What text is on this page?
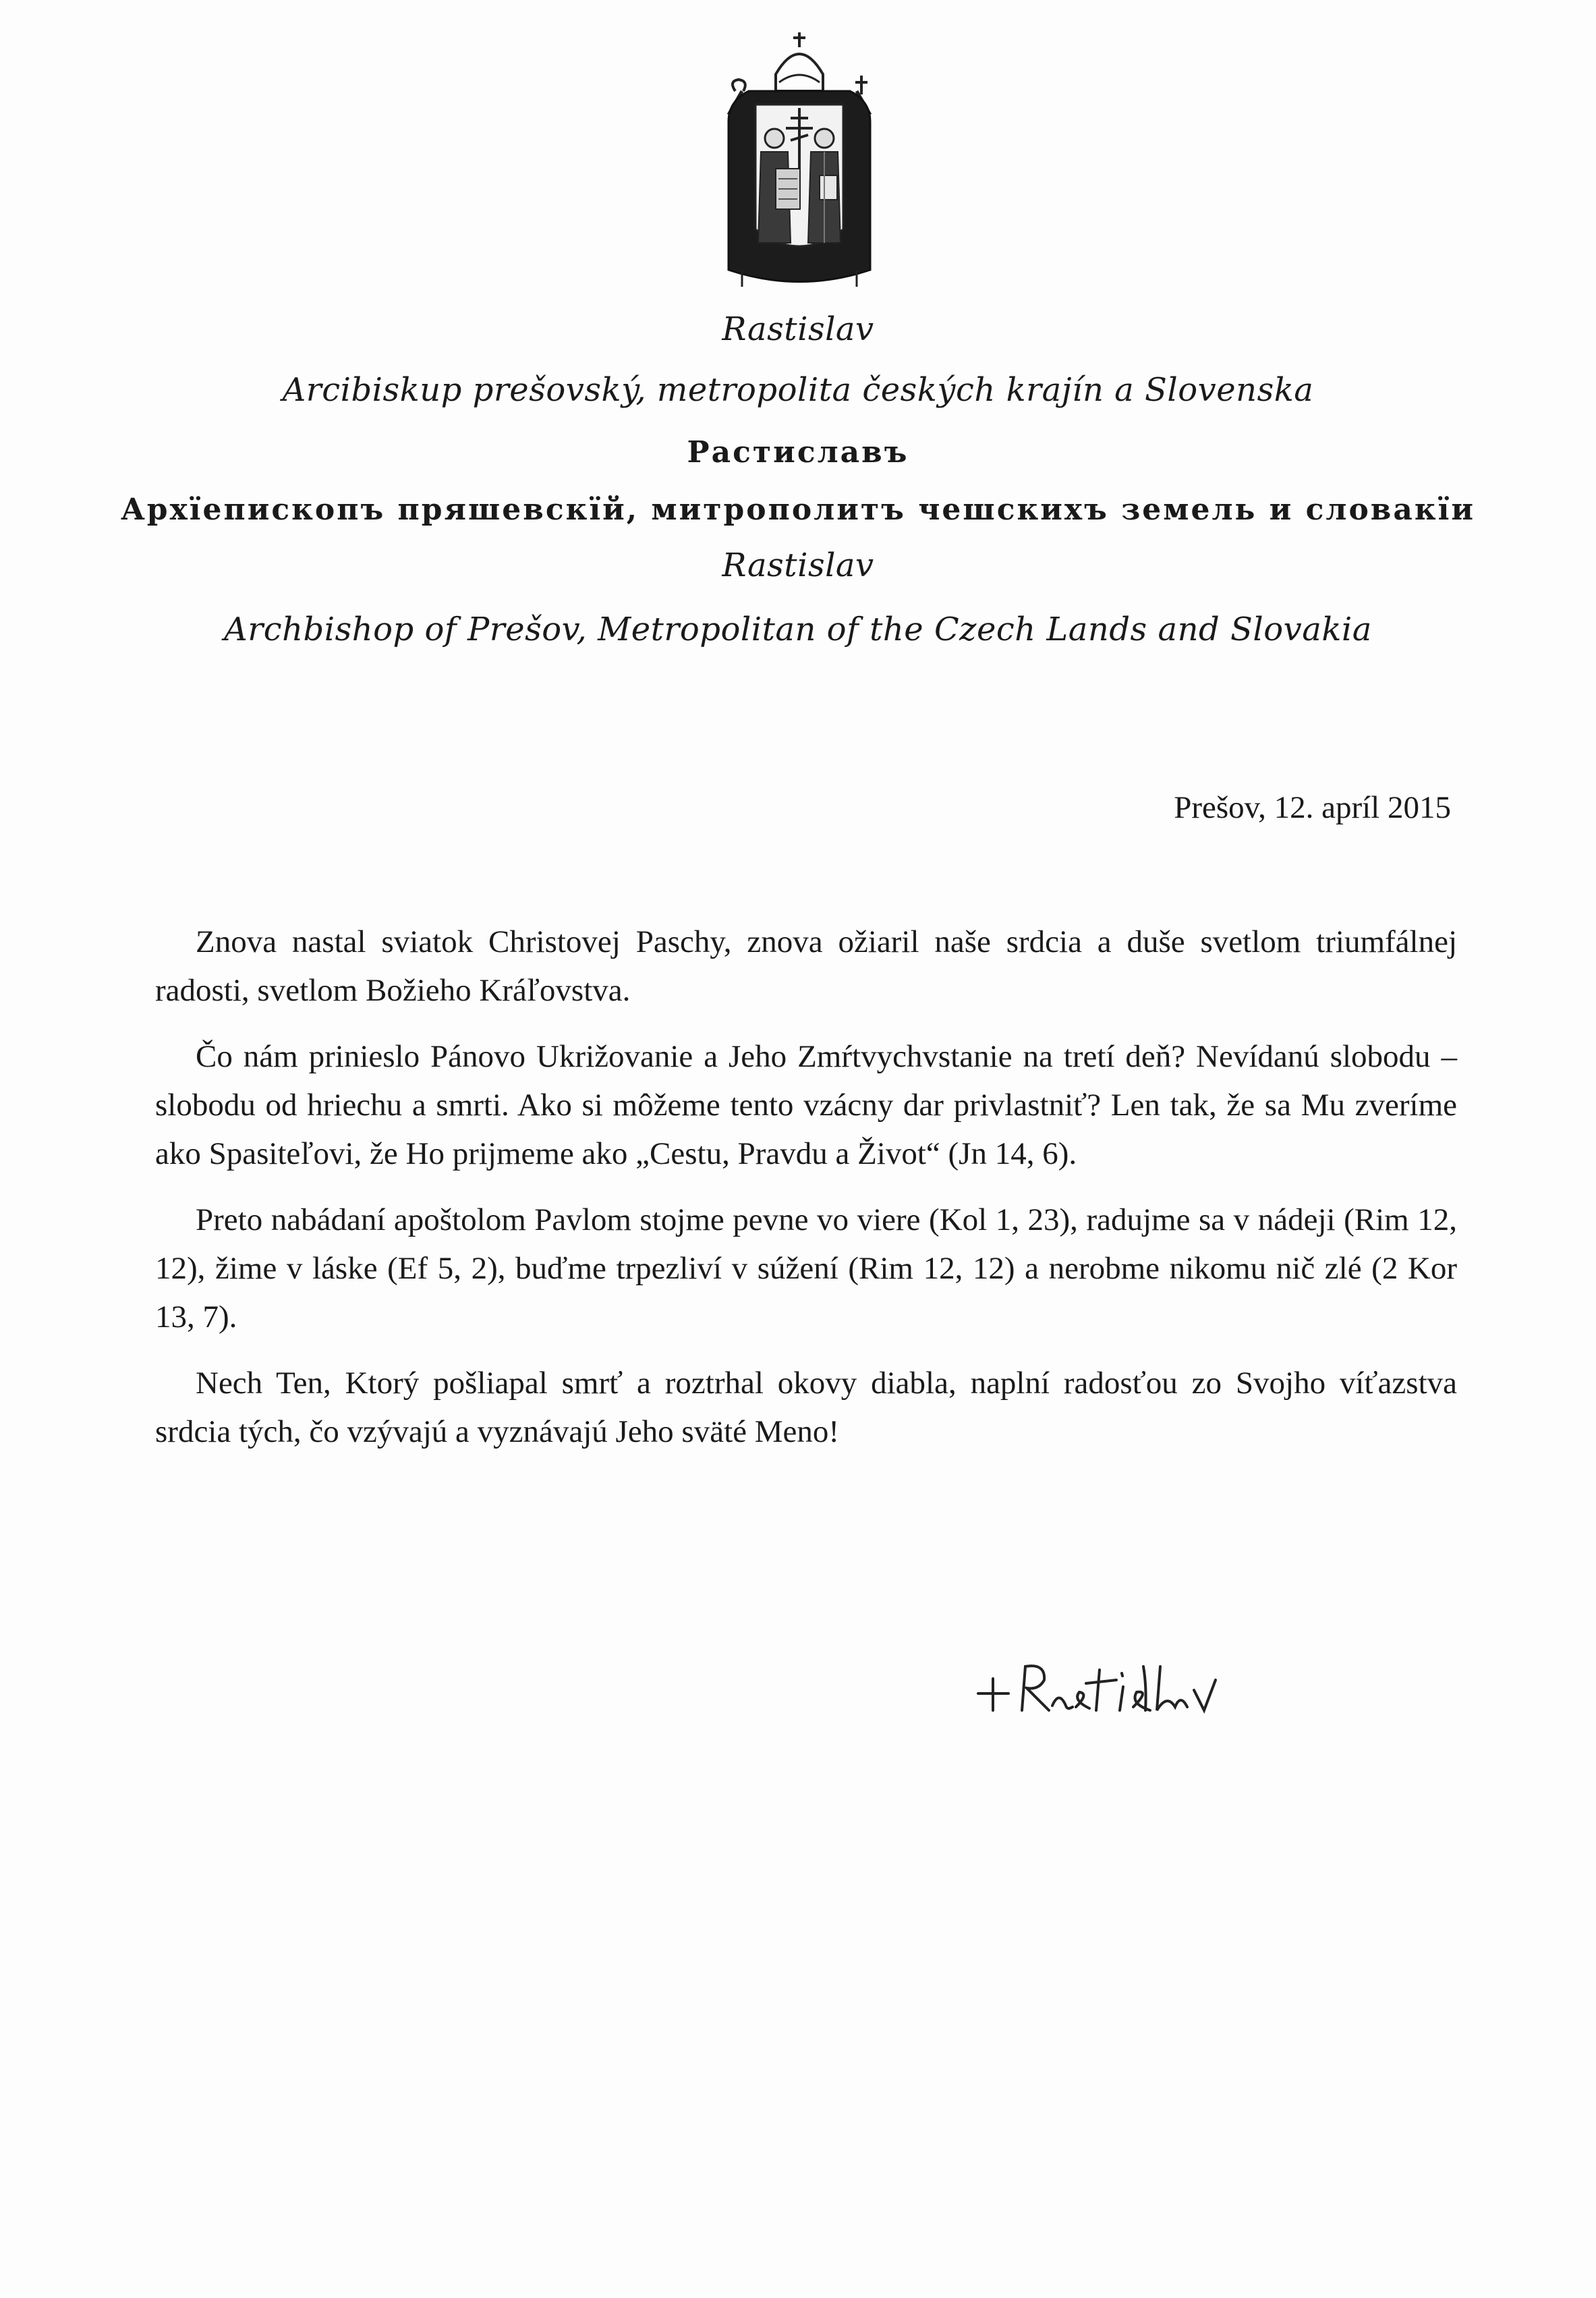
Rastislav
Arcibiskup prešovský, metropolita českých krajín a Slovenska
Растиславъ
Архїепископъ пряшевскїй, митрополитъ чешскихъ земель и словакїи
Rastislav
Archbishop of Prešov, Metropolitan of the Czech Lands and Slovakia
Prešov, 12. apríl 2015

Znova nastal sviatok Christovej Paschy, znova ožiaril naše srdcia a duše svetlom triumfálnej radosti, svetlom Božieho Kráľovstva.

Čo nám prinieslo Pánovo Ukrižovanie a Jeho Zmŕtvychvstanie na tretí deň? Nevídanú slobodu – slobodu od hriechu a smrti. Ako si môžeme tento vzácny dar privlastniť? Len tak, že sa Mu zveríme ako Spasiteľovi, že Ho prijmeme ako „Cestu, Pravdu a Život“ (Jn 14, 6).

Preto nabádaní apoštolom Pavlom stojme pevne vo viere (Kol 1, 23), radujme sa v nádeji (Rim 12, 12), žime v láske (Ef 5, 2), buďme trpezliví v súžení (Rim 12, 12) a nerobme nikomu nič zlé (2 Kor 13, 7).

Nech Ten, Ktorý pošliapal smrť a roztrhal okovy diabla, naplní radosťou zo Svojho víťazstva srdcia tých, čo vzývajú a vyznávajú Jeho sväté Meno!
